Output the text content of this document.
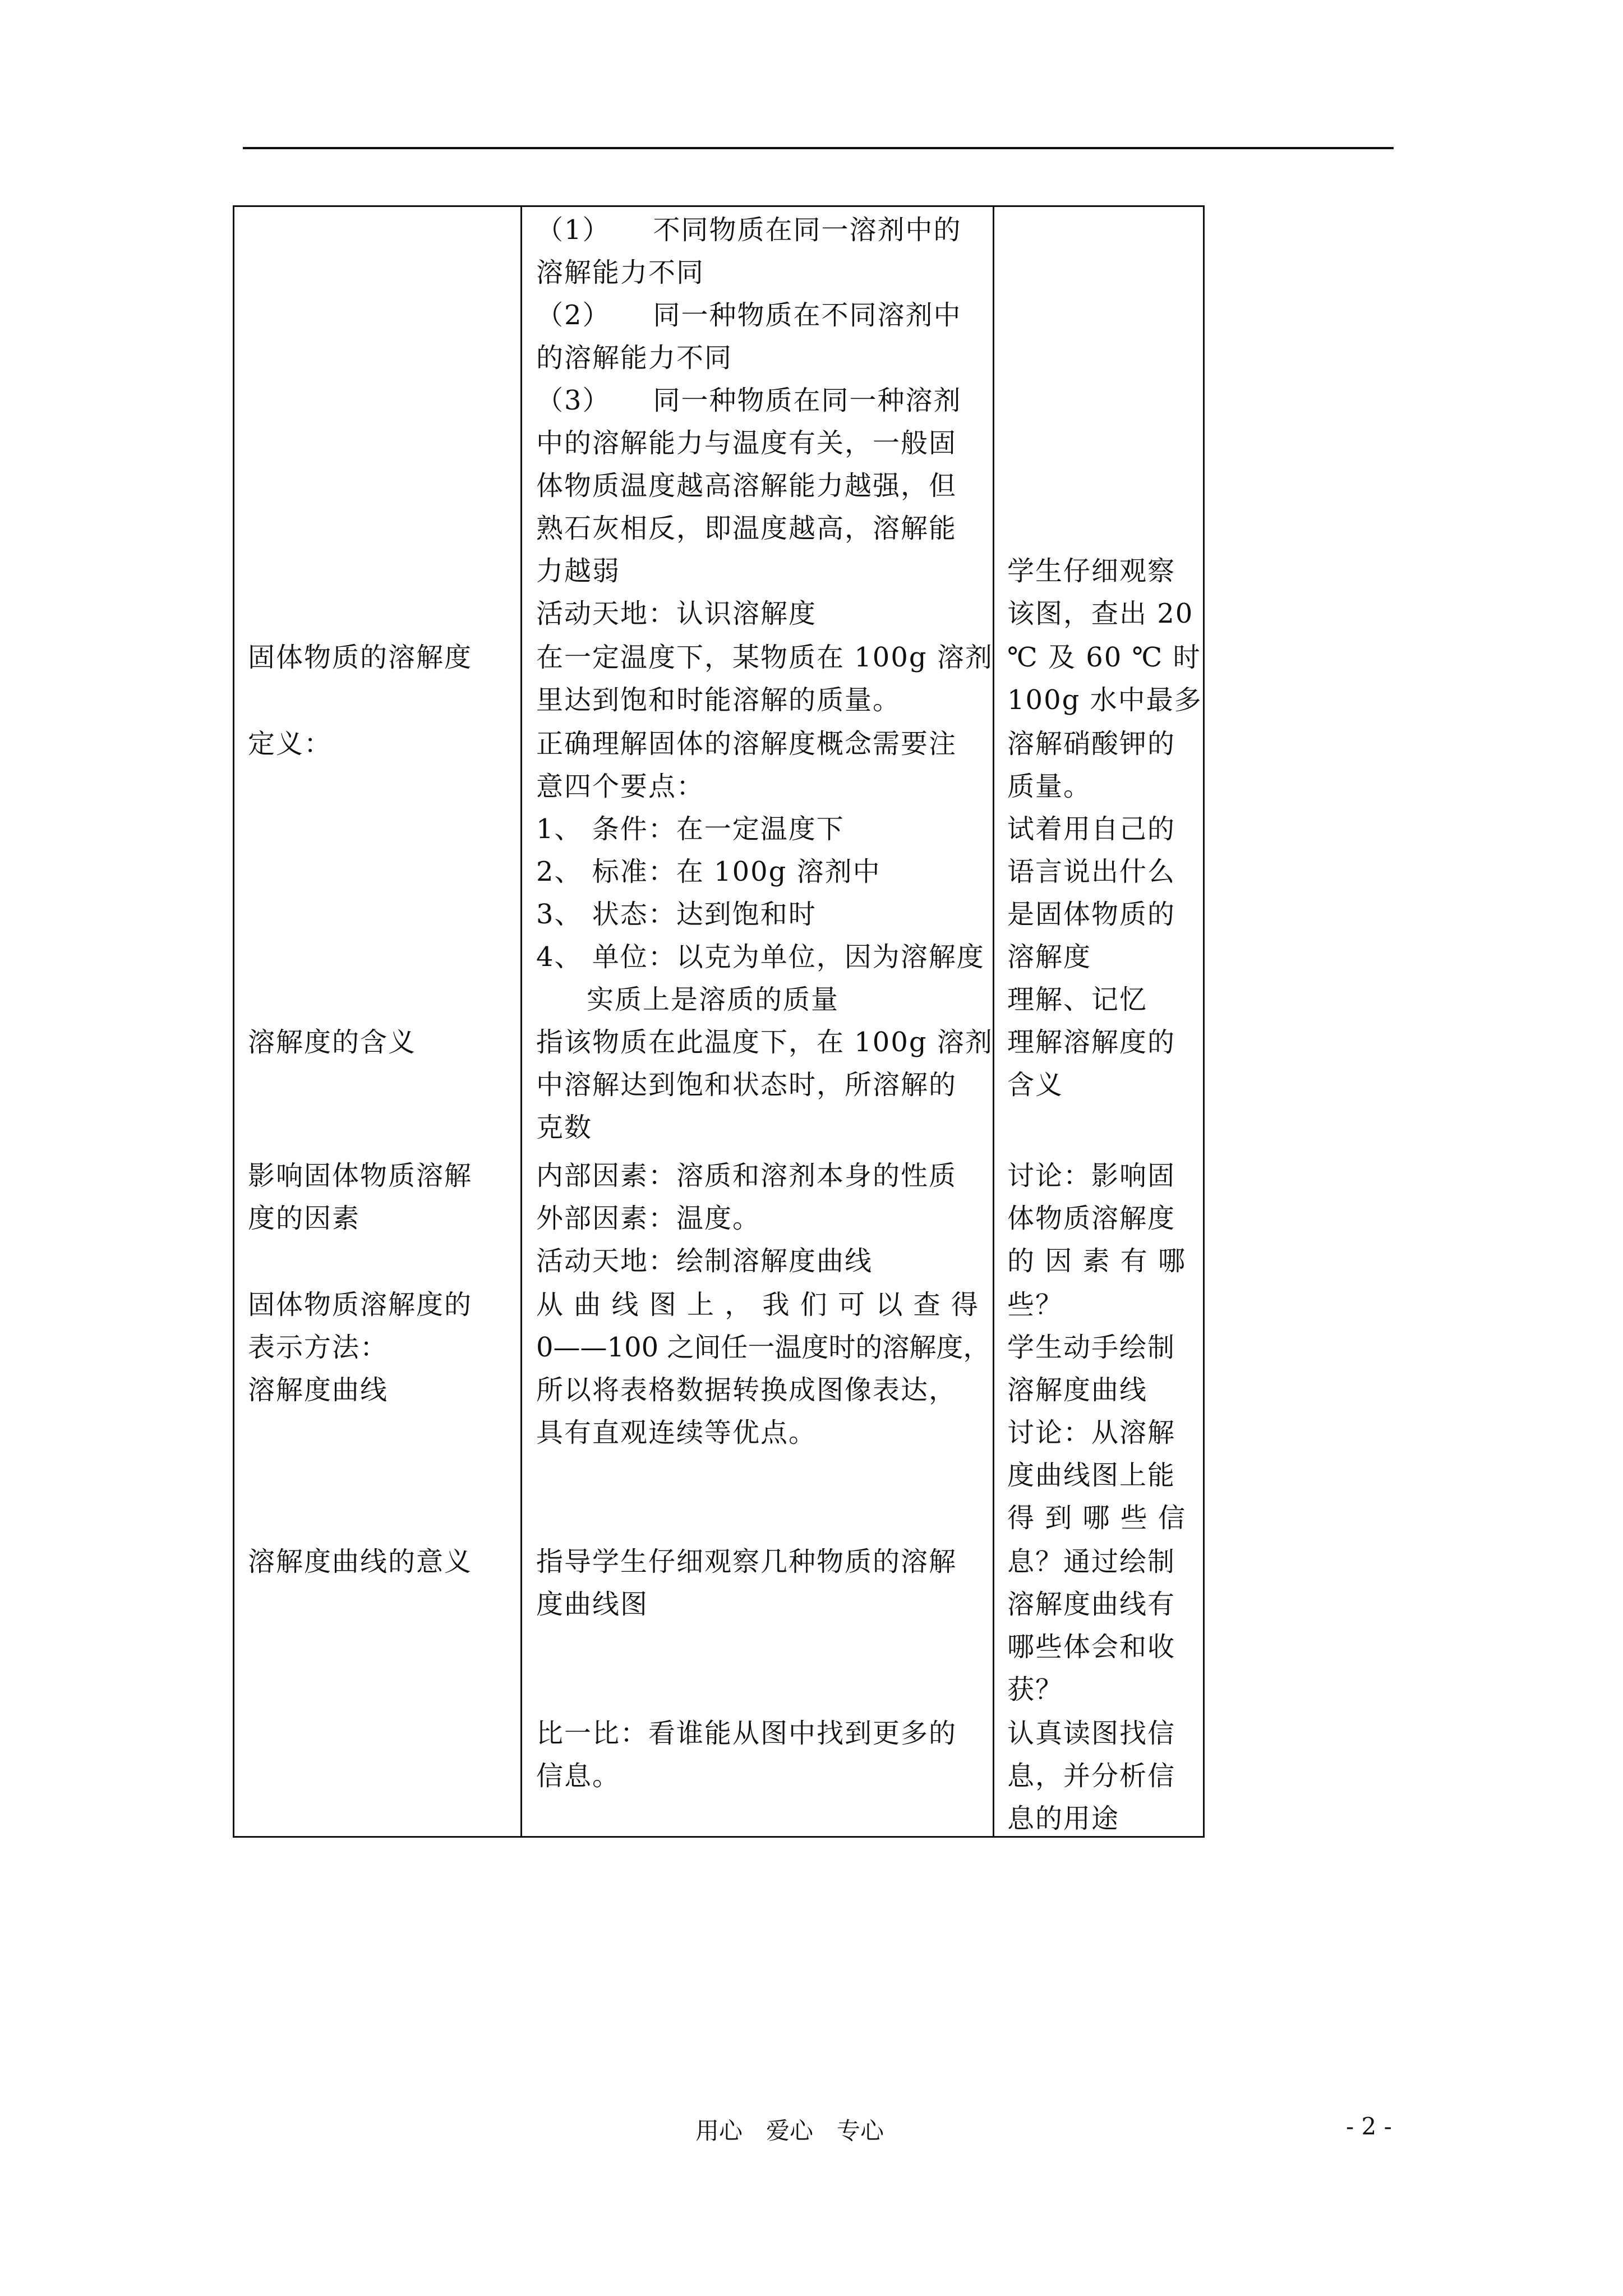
固体物质的溶解度
定义：
溶解度的含义
影响固体物质溶解
度的因素
固体物质溶解度的
表示方法：
溶解度曲线
溶解度曲线的意义
（1）　　不同物质在同一溶剂中的
溶解能力不同
（2）　　同一种物质在不同溶剂中
的溶解能力不同
（3）　　同一种物质在同一种溶剂
中的溶解能力与温度有关，一般固
体物质温度越高溶解能力越强，但
熟石灰相反，即温度越高，溶解能
力越弱
活动天地：认识溶解度
在一定温度下，某物质在 100g 溶剂
里达到饱和时能溶解的质量。
正确理解固体的溶解度概念需要注
意四个要点：
1、 条件：在一定温度下
2、 标准：在 100g 溶剂中
3、 状态：达到饱和时
4、 单位：以克为单位，因为溶解度
实质上是溶质的质量
指该物质在此温度下，在 100g 溶剂
中溶解达到饱和状态时，所溶解的
克数
内部因素：溶质和溶剂本身的性质
外部因素：温度。
活动天地：绘制溶解度曲线
从 曲 线 图 上 ， 我 们 可 以 查 得
0——100 之间任一温度时的溶解度，
所以将表格数据转换成图像表达，
具有直观连续等优点。
指导学生仔细观察几种物质的溶解
度曲线图
比一比：看谁能从图中找到更多的
信息。
学生仔细观察
该图，查出 20
℃ 及 60 ℃ 时
100g 水中最多
溶解硝酸钾的
质量。
试着用自己的
语言说出什么
是固体物质的
溶解度
理解、记忆
理解溶解度的
含义
讨论：影响固
体物质溶解度
的 因 素 有 哪
些？
学生动手绘制
溶解度曲线
讨论：从溶解
度曲线图上能
得 到 哪 些 信
息？通过绘制
溶解度曲线有
哪些体会和收
获？
认真读图找信
息，并分析信
息的用途
用心　爱心　专心	- 2 -
